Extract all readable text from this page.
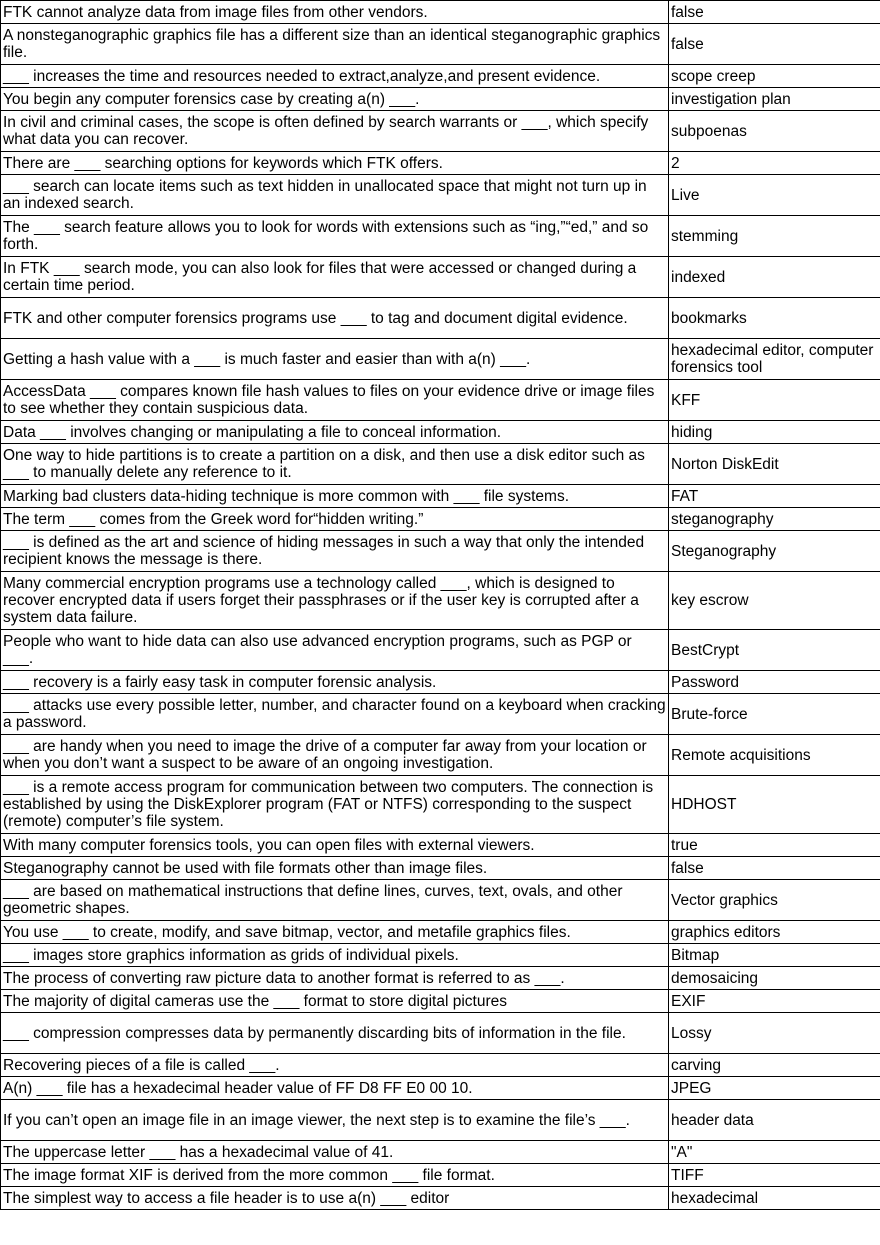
FTK cannot analyze data from image files from other vendors.	false
A nonsteganographic graphics file has a different size than an identical steganographic graphics file.	false
___ increases the time and resources needed to extract,analyze,and present evidence.	scope creep
You begin any computer forensics case by creating a(n) ___.	investigation plan
In civil and criminal cases, the scope is often defined by search warrants or ___, which specify what data you can recover.	subpoenas
There are ___ searching options for keywords which FTK offers.	2
___ search can locate items such as text hidden in unallocated space that might not turn up in an indexed search.	Live
The ___ search feature allows you to look for words with extensions such as “ing,”“ed,” and so forth.	stemming
In FTK ___ search mode, you can also look for files that were accessed or changed during a certain time period.	indexed
FTK and other computer forensics programs use ___ to tag and document digital evidence.	bookmarks
Getting a hash value with a ___ is much faster and easier than with a(n) ___.	hexadecimal editor, computer forensics tool
AccessData ___ compares known file hash values to files on your evidence drive or image files to see whether they contain suspicious data.	KFF
Data ___ involves changing or manipulating a file to conceal information.	hiding
One way to hide partitions is to create a partition on a disk, and then use a disk editor such as ___ to manually delete any reference to it.	Norton DiskEdit
Marking bad clusters data-hiding technique is more common with ___ file systems.	FAT
The term ___ comes from the Greek word for“hidden writing.”	steganography
___ is defined as the art and science of hiding messages in such a way that only the intended recipient knows the message is there.	Steganography
Many commercial encryption programs use a technology called ___, which is designed to recover encrypted data if users forget their passphrases or if the user key is corrupted after a system data failure.	key escrow
People who want to hide data can also use advanced encryption programs, such as PGP or ___.	BestCrypt
___ recovery is a fairly easy task in computer forensic analysis.	Password
___ attacks use every possible letter, number, and character found on a keyboard when cracking a password.	Brute-force
___ are handy when you need to image the drive of a computer far away from your location or when you don’t want a suspect to be aware of an ongoing investigation.	Remote acquisitions
___ is a remote access program for communication between two computers. The connection is established by using the DiskExplorer program (FAT or NTFS) corresponding to the suspect (remote) computer’s file system.	HDHOST
With many computer forensics tools, you can open files with external viewers.	true
Steganography cannot be used with file formats other than image files.	false
___ are based on mathematical instructions that define lines, curves, text, ovals, and other geometric shapes.	Vector graphics
You use ___ to create, modify, and save bitmap, vector, and metafile graphics files.	graphics editors
___ images store graphics information as grids of individual pixels.	Bitmap
The process of converting raw picture data to another format is referred to as ___.	demosaicing
The majority of digital cameras use the ___ format to store digital pictures	EXIF
___ compression compresses data by permanently discarding bits of information in the file.	Lossy
Recovering pieces of a file is called ___.	carving
A(n) ___ file has a hexadecimal header value of FF D8 FF E0 00 10.	JPEG
If you can’t open an image file in an image viewer, the next step is to examine the file’s ___.	header data
The uppercase letter ___ has a hexadecimal value of 41.	"A"
The image format XIF is derived from the more common ___ file format.	TIFF
The simplest way to access a file header is to use a(n) ___ editor	hexadecimal
